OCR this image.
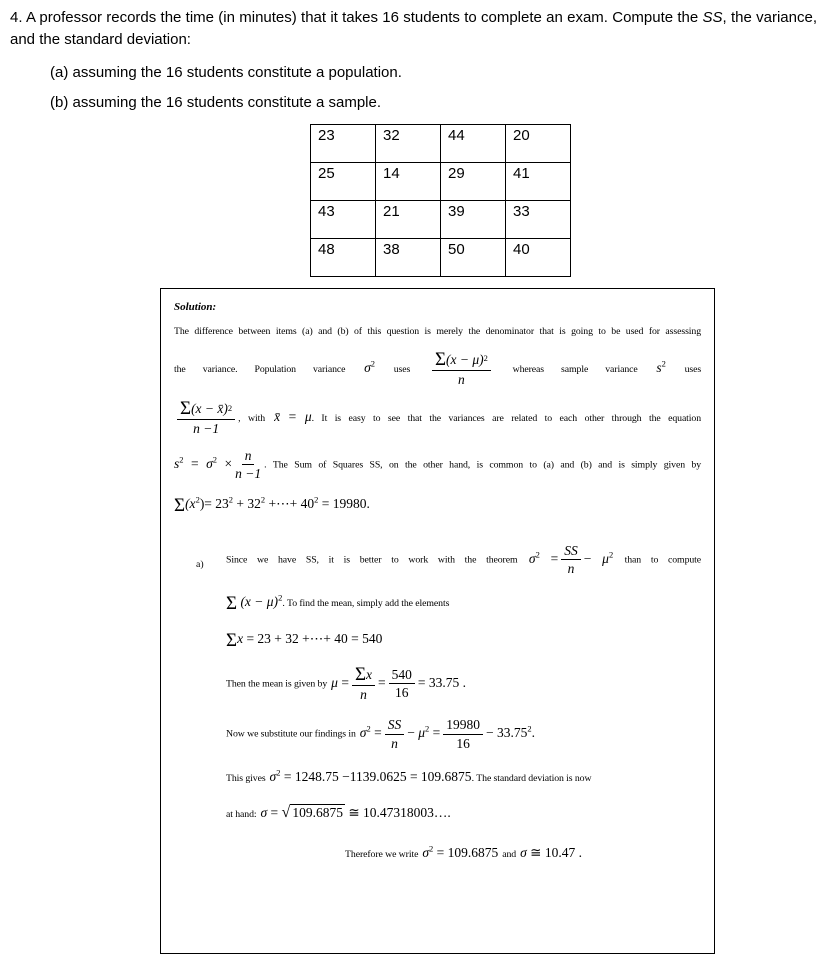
4. A professor records the time (in minutes) that it takes 16 students to complete an exam. Compute the SS, the variance, and the standard deviation:

(a) assuming the 16 students constitute a population.

(b) assuming the 16 students constitute a sample.

23	32	44	20
25	14	29	41
43	21	39	33
48	38	50	40
Solution:
The difference between items (a) and (b) of this question is merely the denominator that is going to be used for assessing
the variance. Population variance $\sigma^2$ uses $\frac{\Sigma (x - \mu) 2}{n}$ whereas sample variance $s^2$ uses
$\frac{\Sigma (x - x̄) 2}{n -1}$ , with x̄ = μ. It is easy to see that the variances are related to each other through the equation
$s^2 = \sigma^2 \times \frac{n}{n -1}$ . The Sum of Squares SS, on the other hand, is common to (a) and (b) and is simply given by
$\Sigma(x^2)= 23^2 + 32^2$ +⋯+ $40^2 = 19980$.
a)	Since we have SS, it is better to work with the theorem $\sigma^2 = \frac{SS}{n} - \mu^2$ than to compute
Σ $(x - \mu)^2$. To find the mean, simply add the elements
Σx = 23 + 32 +⋯+ 40 = 540
Then the mean is given by $\mu = \frac{\text{Σ x}}{n} = \frac{540}{16} = 33.75$ .
Now we substitute our findings in $\sigma^2 = \frac{SS}{n} - \mu^2 = \frac{19980}{16} - 33.75^2$.
This gives $\sigma^2 = 1248.75 -1139.0625 = 109.6875$. The standard deviation is now
at hand: σ = √ 109.6875 ≅ 10.47318003….
Therefore we write $\sigma^2 = 109.6875$ and σ ≅ 10.47 .
